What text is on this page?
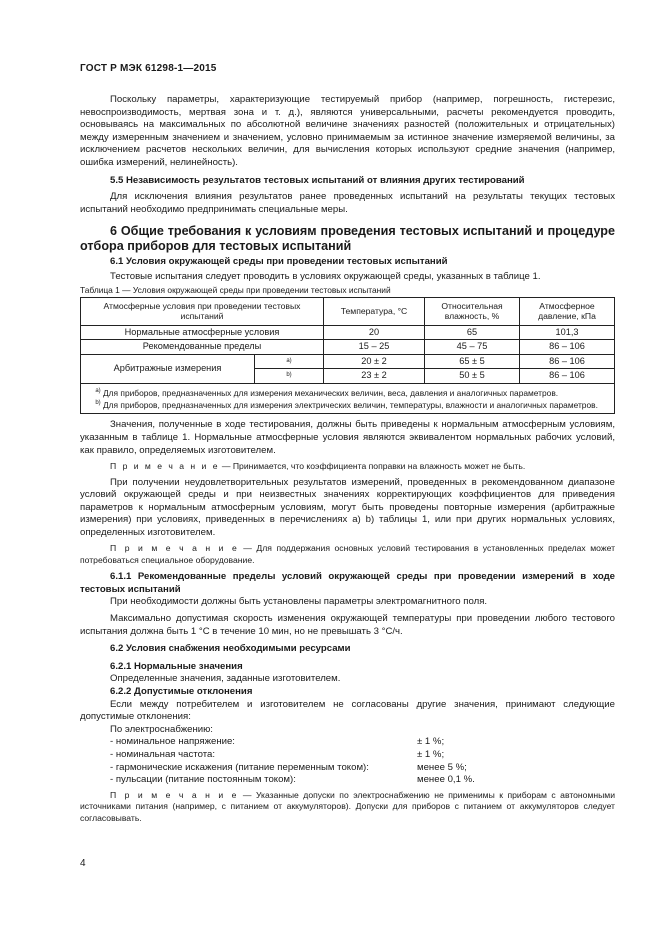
ГОСТ Р МЭК 61298-1—2015

Поскольку параметры, характеризующие тестируемый прибор (например, погрешность, гистерезис, невоспроизводимость, мертвая зона и т. д.), являются универсальными, расчеты рекомендуется проводить, основываясь на максимальных по абсолютной величине значениях разностей (положительных и отрицательных) между измеренным значением и значением, условно принимаемым за истинное значение измеряемой величины, за исключением расчетов нескольких величин, для вычисления которых используют средние значения (например, ошибка измерений, нелинейность).

5.5 Независимость результатов тестовых испытаний от влияния других тестирований

Для исключения влияния результатов ранее проведенных испытаний на результаты текущих тестовых испытаний необходимо предпринимать специальные меры.

6 Общие требования к условиям проведения тестовых испытаний и процедуре отбора приборов для тестовых испытаний

6.1 Условия окружающей среды при проведении тестовых испытаний

Тестовые испытания следует проводить в условиях окружающей среды, указанных в таблице 1.

Таблица 1 — Условия окружающей среды при проведении тестовых испытаний
Атмосферные условия при проведении тестовых испытаний		Температура, °C	Относительная влажность, %	Атмосферное давление, кПа
Нормальные атмосферные условия		20	65	101,3
Рекомендованные пределы		15 – 25	45 – 75	86 – 106
Арбитражные измерения	a)	20 ± 2	65 ± 5	86 – 106
	b)	23 ± 2	50 ± 5	86 – 106

$^{а)}$ Для приборов, предназначенных для измерения механических величин, веса, давления и аналогичных параметров.
$^{b)}$ Для приборов, предназначенных для измерения электрических величин, температуры, влажности и аналогичных параметров.				

Значения, полученные в ходе тестирования, должны быть приведены к нормальным атмосферным условиям, указанным в таблице 1. Нормальные атмосферные условия являются эквивалентом нормальных рабочих условий, как правило, определяемых изготовителем.

П р и м е ч а н и е — Принимается, что коэффициента поправки на влажность может не быть.

При получении неудовлетворительных результатов измерений, проведенных в рекомендованном диапазоне условий окружающей среды и при неизвестных значениях корректирующих коэффициентов для приведения параметров к нормальным атмосферным условиям, могут быть проведены повторные измерения (арбитражные измерения) при условиях, приведенных в перечислениях а) b) таблицы 1, или при других нормальных условиях, определенных изготовителем.

П р и м е ч а н и е — Для поддержания основных условий тестирования в установленных пределах может потребоваться специальное оборудование.

6.1.1 Рекомендованные пределы условий окружающей среды при проведении измерений в ходе тестовых испытаний

При необходимости должны быть установлены параметры электромагнитного поля.

Максимально допустимая скорость изменения окружающей температуры при проведении любого тестового испытания должна быть 1 °С в течение 10 мин, но не превышать 3 °С/ч.

6.2 Условия снабжения необходимыми ресурсами

6.2.1 Нормальные значения

Определенные значения, заданные изготовителем.

6.2.2 Допустимые отклонения

Если между потребителем и изготовителем не согласованы другие значения, принимают следующие допустимые отклонения:

По электроснабжению:

- номинальное напряжение:	± 1 %;
- номинальная частота:	± 1 %;
- гармонические искажения (питание переменным током):	менее 5 %;
- пульсации (питание постоянным током):	менее 0,1 %.

П р и м е ч а н и е — Указанные допуски по электроснабжению не применимы к приборам с автономными источниками питания (например, с питанием от аккумуляторов). Допуски для приборов с питанием от аккумуляторов следует согласовывать.

4
